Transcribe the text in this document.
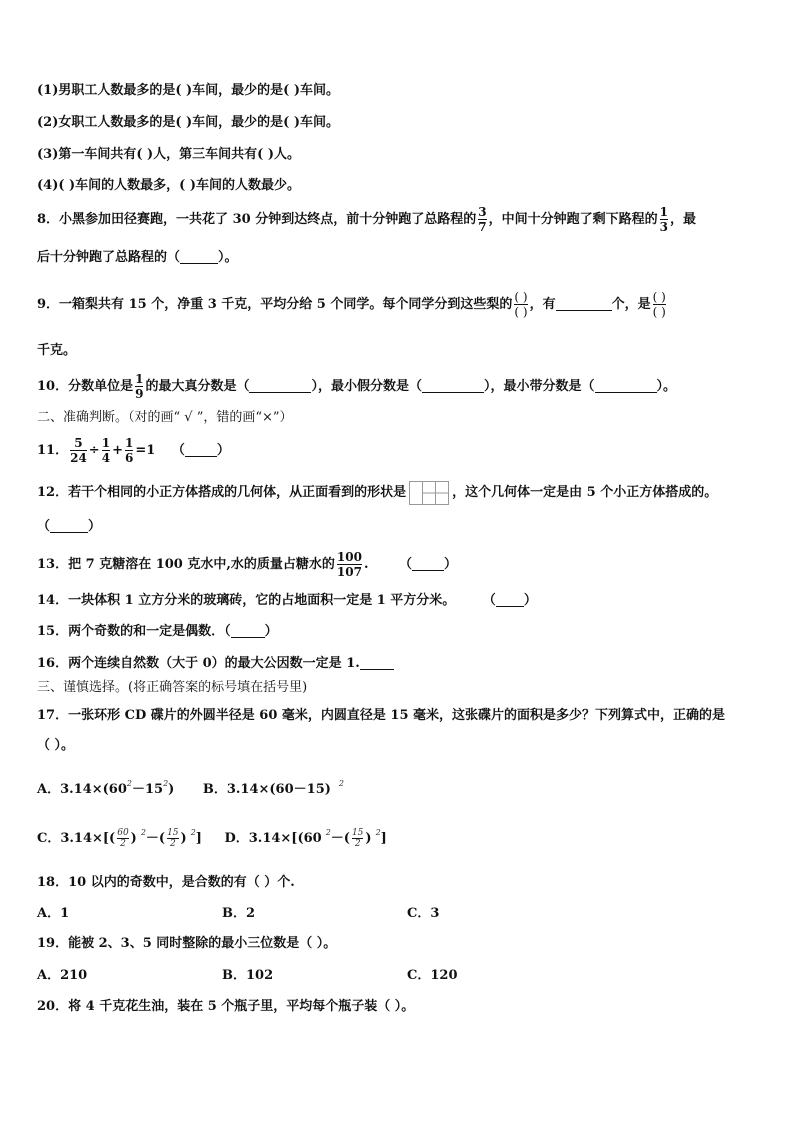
(1)男职工人数最多的是( )车间，最少的是( )车间。
(2)女职工人数最多的是( )车间，最少的是( )车间。
(3)第一车间共有( )人，第三车间共有( )人。
(4)( )车间的人数最多，( )车间的人数最少。
8．小黑参加田径赛跑，一共花了 30 分钟到达终点，前十分钟跑了总路程的 $\frac{3}{7}$ ，中间十分钟跑了剩下路程的 $\frac{1}{3}$ ，最
后十分钟跑了总路程的（	）。
9．一箱梨共有 15 个，净重 3 千克，平均分给 5 个同学。每个同学分到这些梨的 $\frac{( )}{( )}$ ，有	个，是 $\frac{( )}{( )}$
千克。
10．分数单位是 $\frac{1}{9}$ 的最大真分数是（	），最小假分数是（	），最小带分数是（	）。
二、准确判断。（对的画“ √ ”，错的画“×”）
11． $\frac{5}{24} \div \frac{1}{4} + \frac{1}{6} =1$ （ ）
12．若干个相同的小正方体搭成的几何体，从正面看到的形状是	，这个几何体一定是由 5 个小正方体搭成的。
（	）
13．把 7 克糖溶在 100 克水中,水的质量占糖水的 $\frac{100}{107}$ . （ ）
14．一块体积 1 立方分米的玻璃砖，它的占地面积一定是 1 平方分米。	（ ）
15．两个奇数的和一定是偶数．（	）
16．两个连续自然数（大于 0）的最大公因数一定是 1.
三、谨慎选择。(将正确答案的标号填在括号里)
17．一张环形 CD 碟片的外圆半径是 60 毫米，内圆直径是 15 毫米，这张碟片的面积是多少？下列算式中，正确的是
（ ）。
A．$3.14\times(60^2-15^2)$ B．3.14×(60－15) $^2$
C．$3.14\times[( \frac{60}{2}$ ) $^2-( \frac{15}{2}$ ) $^2$] D．3.14×[(60 $^2-( \frac{15}{2}$ ) $^2$]
18．10 以内的奇数中，是合数的有（ ）个.
A．1	B．2	C．3
19．能被 2、3、5 同时整除的最小三位数是（ ）。
A．210	B．102	C．120
20．将 4 千克花生油，装在 5 个瓶子里，平均每个瓶子装（ ）。
